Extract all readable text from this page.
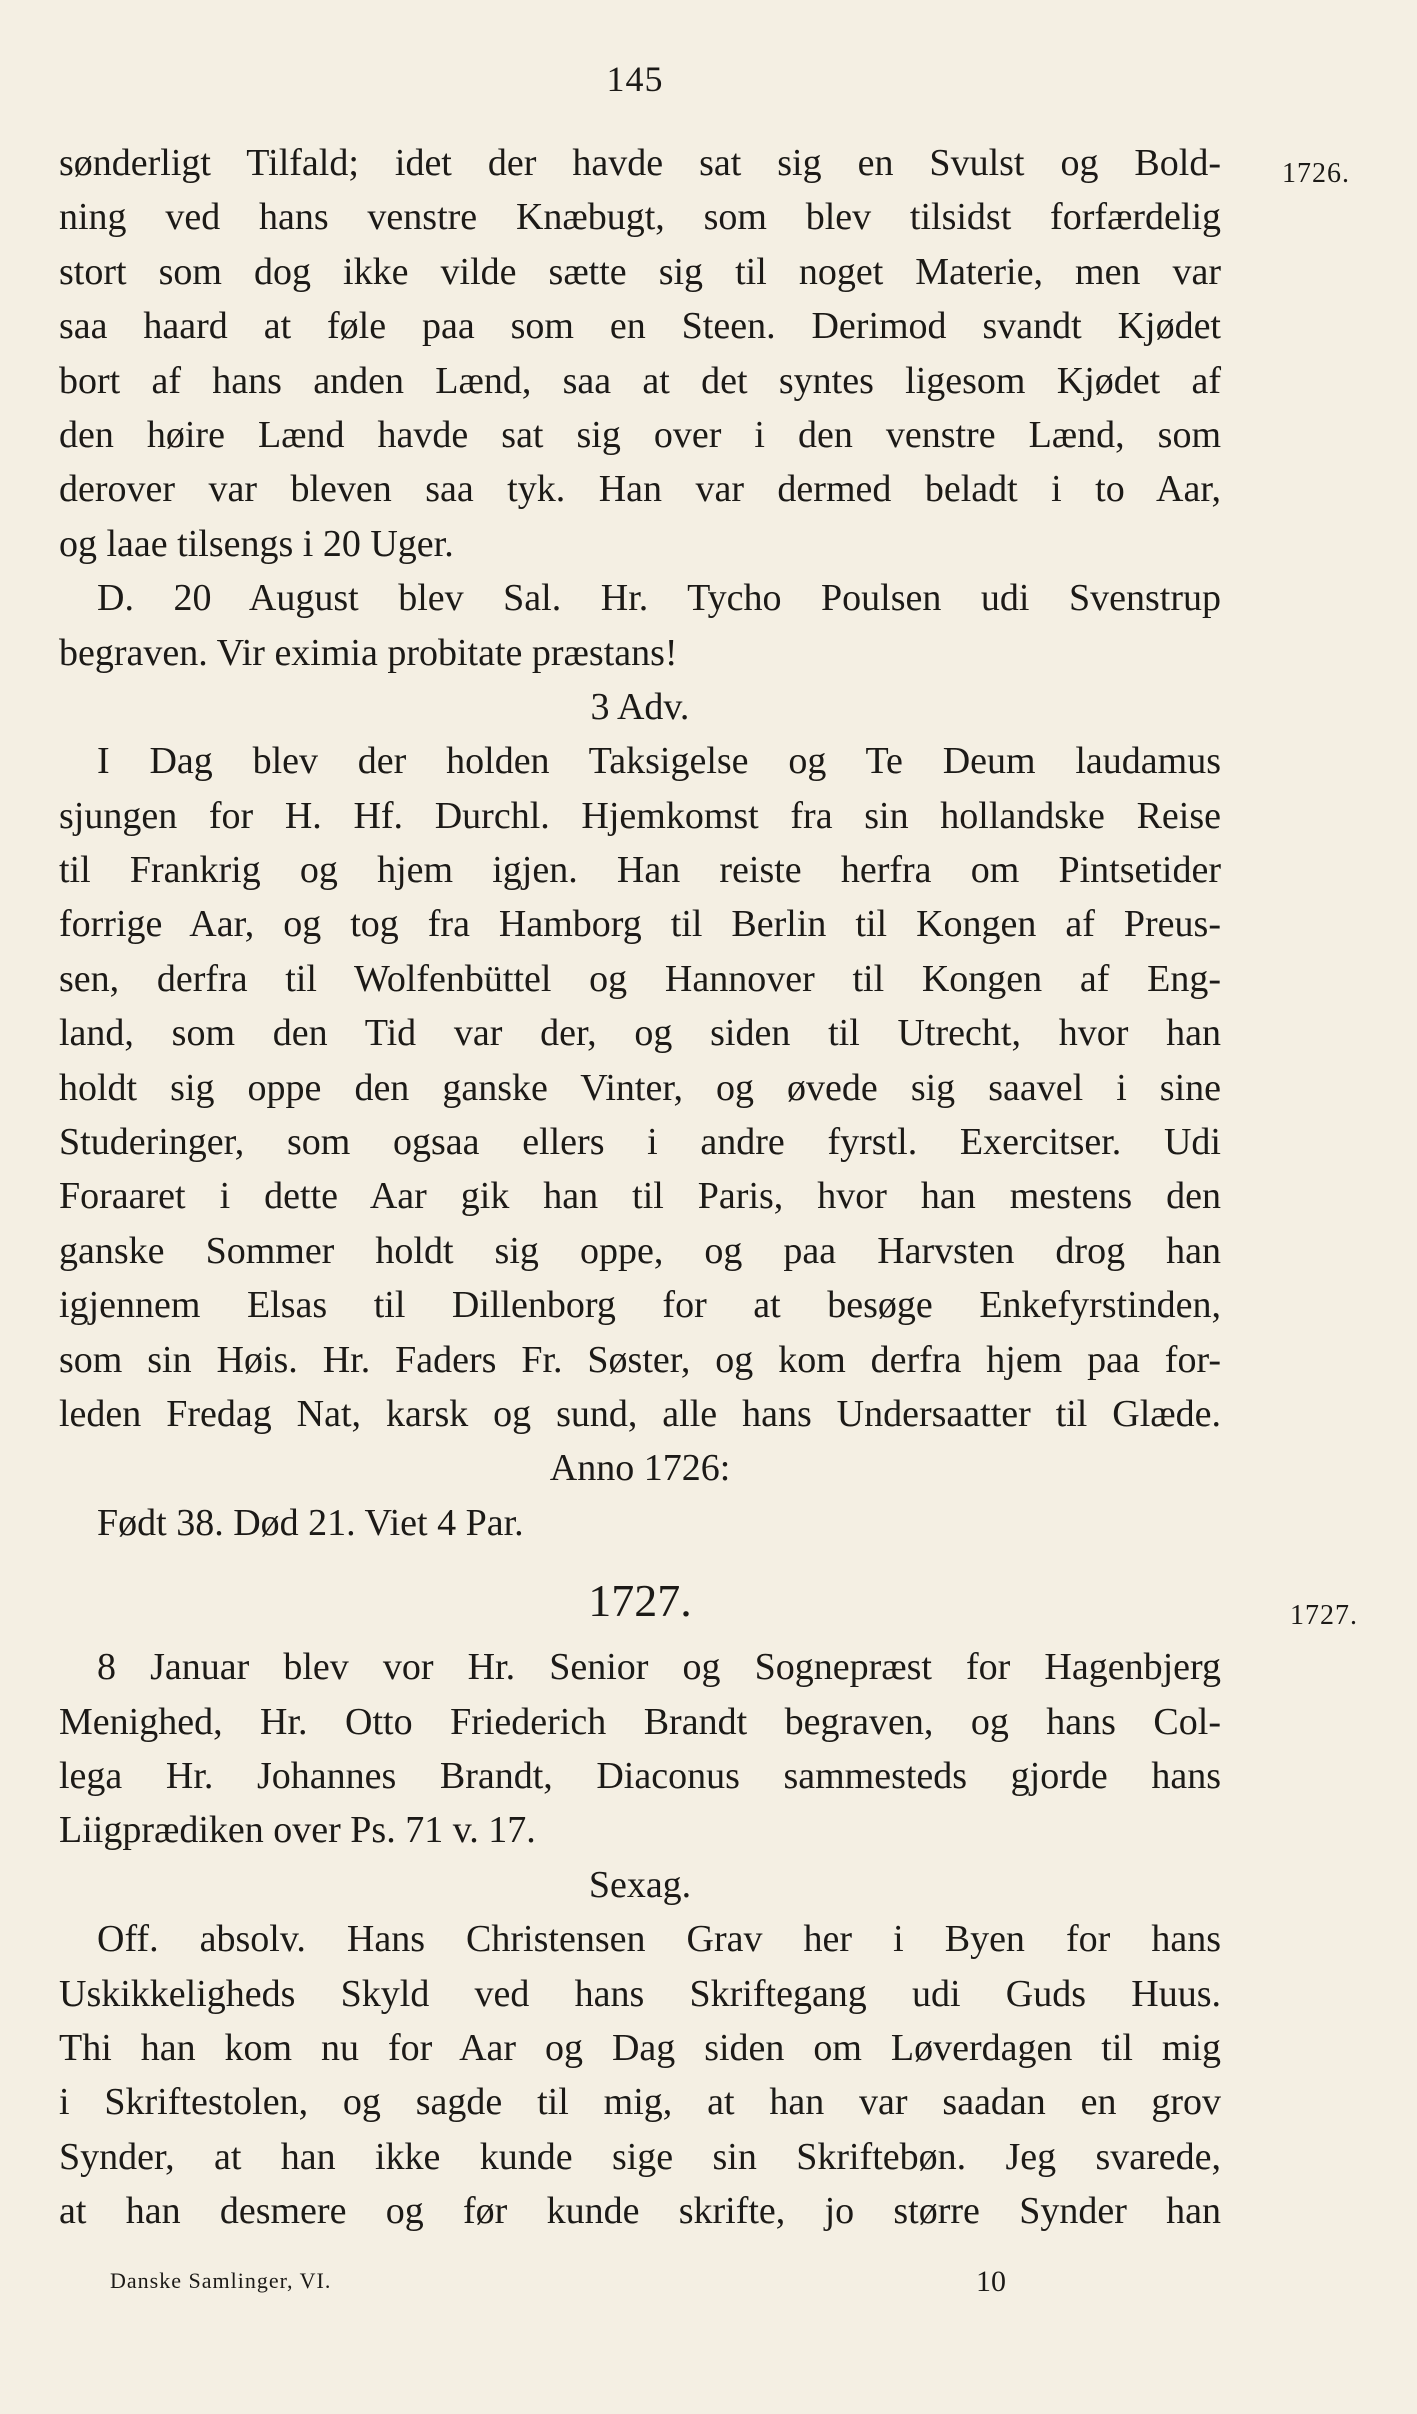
145
1726.
1727.
sønderligt Tilfald; idet der havde sat sig en Svulst og Bold-
ning ved hans venstre Knæbugt, som blev tilsidst forfærdelig
stort som dog ikke vilde sætte sig til noget Materie, men var
saa haard at føle paa som en Steen. Derimod svandt Kjødet
bort af hans anden Lænd, saa at det syntes ligesom Kjødet af
den høire Lænd havde sat sig over i den venstre Lænd, som
derover var bleven saa tyk. Han var dermed beladt i to Aar,
og laae tilsengs i 20 Uger.
D. 20 August blev Sal. Hr. Tycho Poulsen udi Svenstrup
begraven. Vir eximia probitate præstans!
3 Adv.
I Dag blev der holden Taksigelse og Te Deum laudamus
sjungen for H. Hf. Durchl. Hjemkomst fra sin hollandske Reise
til Frankrig og hjem igjen. Han reiste herfra om Pintsetider
forrige Aar, og tog fra Hamborg til Berlin til Kongen af Preus-
sen, derfra til Wolfenbüttel og Hannover til Kongen af Eng-
land, som den Tid var der, og siden til Utrecht, hvor han
holdt sig oppe den ganske Vinter, og øvede sig saavel i sine
Studeringer, som ogsaa ellers i andre fyrstl. Exercitser. Udi
Foraaret i dette Aar gik han til Paris, hvor han mestens den
ganske Sommer holdt sig oppe, og paa Harvsten drog han
igjennem Elsas til Dillenborg for at besøge Enkefyrstinden,
som sin Høis. Hr. Faders Fr. Søster, og kom derfra hjem paa for-
leden Fredag Nat, karsk og sund, alle hans Undersaatter til Glæde.
Anno 1726:
Født 38. Død 21. Viet 4 Par.
1727.
8 Januar blev vor Hr. Senior og Sognepræst for Hagenbjerg
Menighed, Hr. Otto Friederich Brandt begraven, og hans Col-
lega Hr. Johannes Brandt, Diaconus sammesteds gjorde hans
Liigprædiken over Ps. 71 v. 17.
Sexag.
Off. absolv. Hans Christensen Grav her i Byen for hans
Uskikkeligheds Skyld ved hans Skriftegang udi Guds Huus.
Thi han kom nu for Aar og Dag siden om Løverdagen til mig
i Skriftestolen, og sagde til mig, at han var saadan en grov
Synder, at han ikke kunde sige sin Skriftebøn. Jeg svarede,
at han desmere og før kunde skrifte, jo større Synder han
Danske Samlinger, VI.	10
